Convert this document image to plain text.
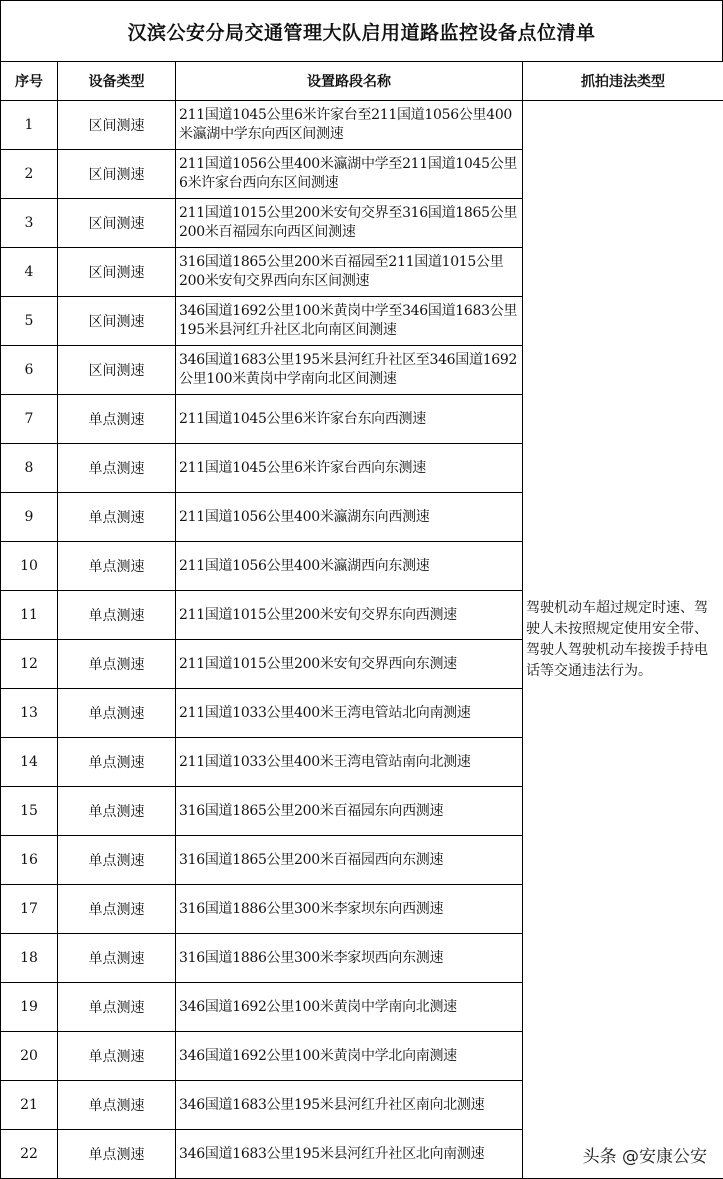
汉滨公安分局交通管理大队启用道路监控设备点位清单
序号	设备类型	设置路段名称	抓拍违法类型
1	区间测速	211国道1045公里6米许家台至211国道1056公里400米瀛湖中学东向西区间测速	驾驶机动车超过规定时速、驾驶人未按照规定使用安全带、驾驶人驾驶机动车接拨手持电话等交通违法行为。
2	区间测速	211国道1056公里400米瀛湖中学至211国道1045公里6米许家台西向东区间测速	
3	区间测速	211国道1015公里200米安旬交界至316国道1865公里200米百福园东向西区间测速	
4	区间测速	316国道1865公里200米百福园至211国道1015公里200米安旬交界西向东区间测速	
5	区间测速	346国道1692公里100米黄岗中学至346国道1683公里195米县河红升社区北向南区间测速	
6	区间测速	346国道1683公里195米县河红升社区至346国道1692公里100米黄岗中学南向北区间测速	
7	单点测速	211国道1045公里6米许家台东向西测速	
8	单点测速	211国道1045公里6米许家台西向东测速	
9	单点测速	211国道1056公里400米瀛湖东向西测速	
10	单点测速	211国道1056公里400米瀛湖西向东测速	
11	单点测速	211国道1015公里200米安旬交界东向西测速	
12	单点测速	211国道1015公里200米安旬交界西向东测速	
13	单点测速	211国道1033公里400米王湾电管站北向南测速	
14	单点测速	211国道1033公里400米王湾电管站南向北测速	
15	单点测速	316国道1865公里200米百福园东向西测速	
16	单点测速	316国道1865公里200米百福园西向东测速	
17	单点测速	316国道1886公里300米李家坝东向西测速	
18	单点测速	316国道1886公里300米李家坝西向东测速	
19	单点测速	346国道1692公里100米黄岗中学南向北测速	
20	单点测速	346国道1692公里100米黄岗中学北向南测速	
21	单点测速	346国道1683公里195米县河红升社区南向北测速	
22	单点测速	346国道1683公里195米县河红升社区北向南测速		头条 @安康公安
